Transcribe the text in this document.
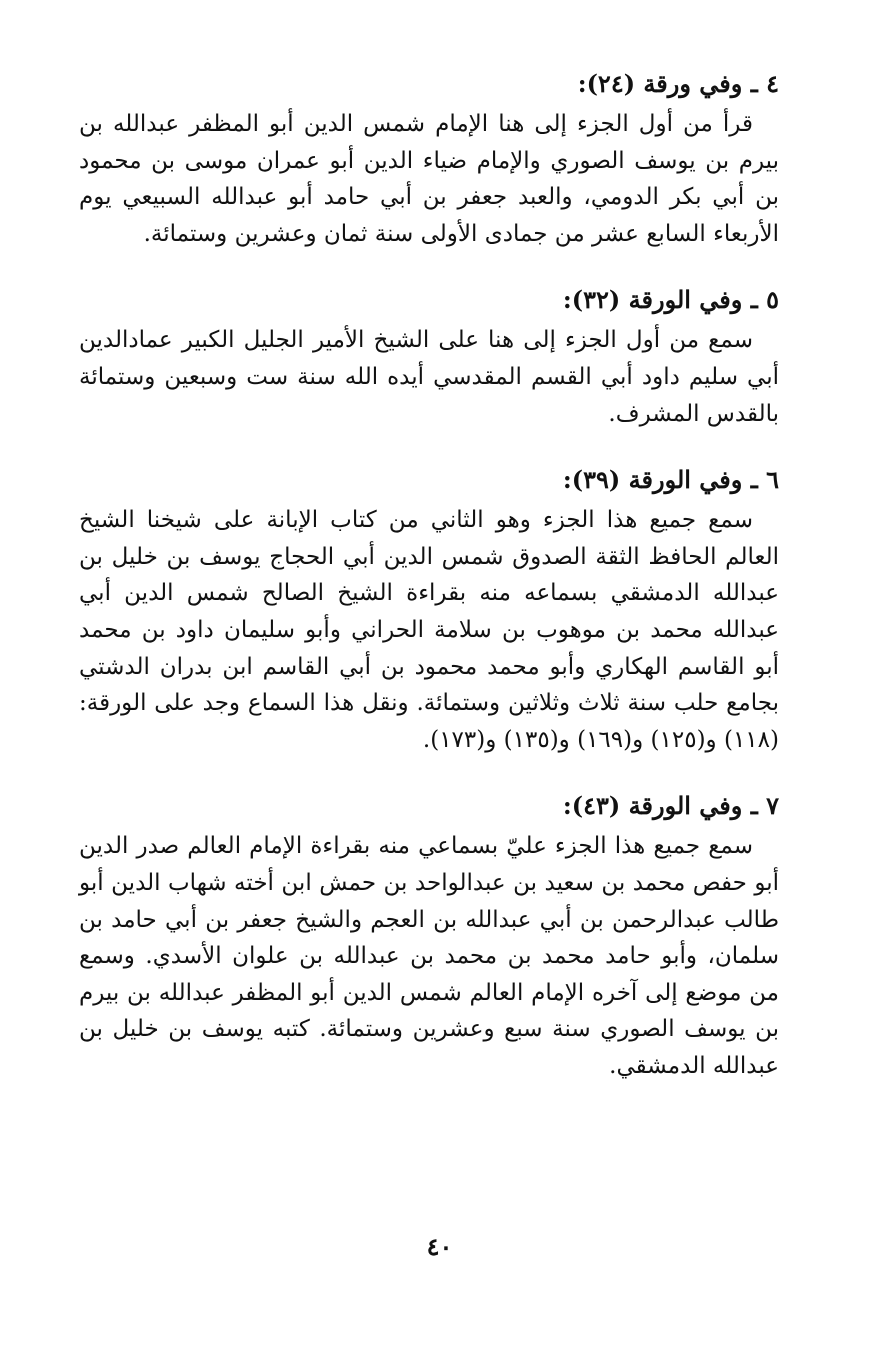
٤ ـ وفي ورقة (٢٤):

قرأ من أول الجزء إلى هنا الإمام شمس الدين أبو المظفر عبدالله بن بيرم بن يوسف الصوري والإمام ضياء الدين أبو عمران موسى بن محمود بن أبي بكر الدومي، والعبد جعفر بن أبي حامد أبو عبدالله السبيعي يوم الأربعاء السابع عشر من جمادى الأولى سنة ثمان وعشرين وستمائة.

٥ ـ وفي الورقة (٣٢):

سمع من أول الجزء إلى هنا على الشيخ الأمير الجليل الكبير عمادالدين أبي سليم داود أبي القسم المقدسي أيده الله سنة ست وسبعين وستمائة بالقدس المشرف.

٦ ـ وفي الورقة (٣٩):

سمع جميع هذا الجزء وهو الثاني من كتاب الإبانة على شيخنا الشيخ العالم الحافظ الثقة الصدوق شمس الدين أبي الحجاج يوسف بن خليل بن عبدالله الدمشقي بسماعه منه بقراءة الشيخ الصالح شمس الدين أبي عبدالله محمد بن موهوب بن سلامة الحراني وأبو سليمان داود بن محمد أبو القاسم الهكاري وأبو محمد محمود بن أبي القاسم ابن بدران الدشتي بجامع حلب سنة ثلاث وثلاثين وستمائة. ونقل هذا السماع وجد على الورقة: (١١٨) و(١٢٥) و(١٦٩) و(١٣٥) و(١٧٣).

٧ ـ وفي الورقة (٤٣):

سمع جميع هذا الجزء عليّ بسماعي منه بقراءة الإمام العالم صدر الدين أبو حفص محمد بن سعيد بن عبدالواحد بن حمش ابن أخته شهاب الدين أبو طالب عبدالرحمن بن أبي عبدالله بن العجم والشيخ جعفر بن أبي حامد بن سلمان، وأبو حامد محمد بن محمد بن عبدالله بن علوان الأسدي. وسمع من موضع إلى آخره الإمام العالم شمس الدين أبو المظفر عبدالله بن بيرم بن يوسف الصوري سنة سبع وعشرين وستمائة. كتبه يوسف بن خليل بن عبدالله الدمشقي.

٤٠
